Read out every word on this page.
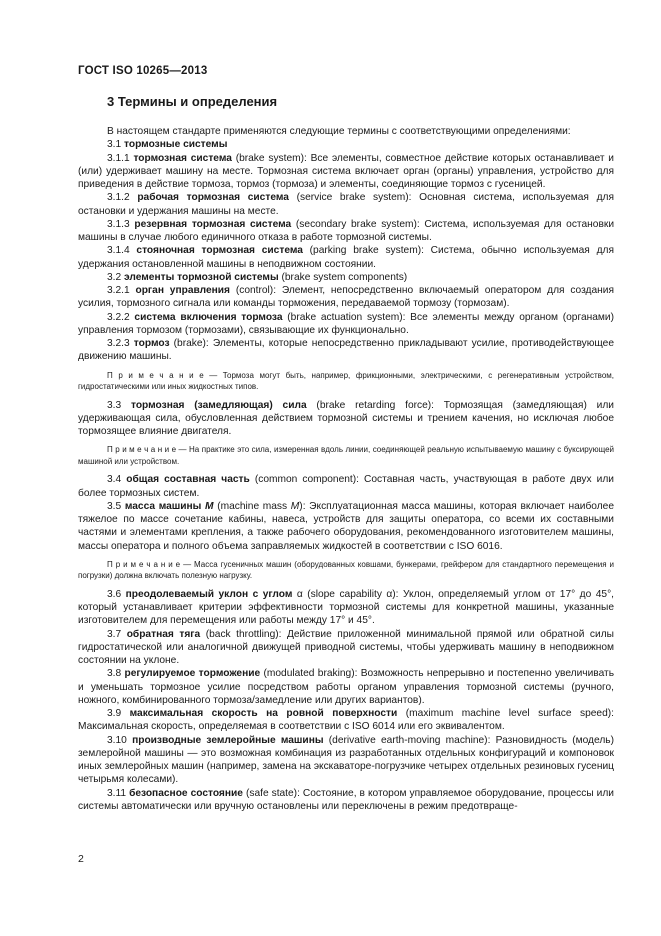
ГОСТ ISO 10265—2013
3 Термины и определения

В настоящем стандарте применяются следующие термины с соответствующими определениями:

3.1 тормозные системы

3.1.1 тормозная система (brake system): Все элементы, совместное действие которых останавливает и (или) удерживает машину на месте. Тормозная система включает орган (органы) управления, устройство для приведения в действие тормоза, тормоз (тормоза) и элементы, соединяющие тормоз с гусеницей.

3.1.2 рабочая тормозная система (service brake system): Основная система, используемая для остановки и удержания машины на месте.

3.1.3 резервная тормозная система (secondary brake system): Система, используемая для остановки машины в случае любого единичного отказа в работе тормозной системы.

3.1.4 стояночная тормозная система (parking brake system): Система, обычно используемая для удержания остановленной машины в неподвижном состоянии.

3.2 элементы тормозной системы (brake system components)

3.2.1 орган управления (control): Элемент, непосредственно включаемый оператором для создания усилия, тормозного сигнала или команды торможения, передаваемой тормозу (тормозам).

3.2.2 система включения тормоза (brake actuation system): Все элементы между органом (органами) управления тормозом (тормозами), связывающие их функционально.

3.2.3 тормоз (brake): Элементы, которые непосредственно прикладывают усилие, противодействующее движению машины.

П р и м е ч а н и е — Тормоза могут быть, например, фрикционными, электрическими, с регенеративным устройством, гидростатическими или иных жидкостных типов.

3.3 тормозная (замедляющая) сила (brake retarding force): Тормозящая (замедляющая) или удерживающая сила, обусловленная действием тормозной системы и трением качения, но исключая любое тормозящее влияние двигателя.

П р и м е ч а н и е — На практике это сила, измеренная вдоль линии, соединяющей реальную испытываемую машину с буксирующей машиной или устройством.

3.4 общая составная часть (common component): Составная часть, участвующая в работе двух или более тормозных систем.

3.5 масса машины M (machine mass M): Эксплуатационная масса машины, которая включает наиболее тяжелое по массе сочетание кабины, навеса, устройств для защиты оператора, со всеми их составными частями и элементами крепления, а также рабочего оборудования, рекомендованного изготовителем машины, массы оператора и полного объема заправляемых жидкостей в соответствии с ISO 6016.

П р и м е ч а н и е — Масса гусеничных машин (оборудованных ковшами, бункерами, грейфером для стандартного перемещения и погрузки) должна включать полезную нагрузку.

3.6 преодолеваемый уклон с углом α (slope capability α): Уклон, определяемый углом от 17° до 45°, который устанавливает критерии эффективности тормозной системы для конкретной машины, указанные изготовителем для перемещения или работы между 17° и 45°.

3.7 обратная тяга (back throttling): Действие приложенной минимальной прямой или обратной силы гидростатической или аналогичной движущей приводной системы, чтобы удерживать машину в неподвижном состоянии на уклоне.

3.8 регулируемое торможение (modulated braking): Возможность непрерывно и постепенно увеличивать и уменьшать тормозное усилие посредством работы органом управления тормозной системы (ручного, ножного, комбинированного тормоза/замедление или других вариантов).

3.9 максимальная скорость на ровной поверхности (maximum machine level surface speed): Максимальная скорость, определяемая в соответствии с ISO 6014 или его эквивалентом.

3.10 производные землеройные машины (derivative earth-moving machine): Разновидность (модель) землеройной машины — это возможная комбинация из разработанных отдельных конфигураций и компоновок иных землеройных машин (например, замена на экскаваторе-погрузчике четырех отдельных резиновых гусениц четырьмя колесами).

3.11 безопасное состояние (safe state): Состояние, в котором управляемое оборудование, процессы или системы автоматически или вручную остановлены или переключены в режим предотвраще-

2
